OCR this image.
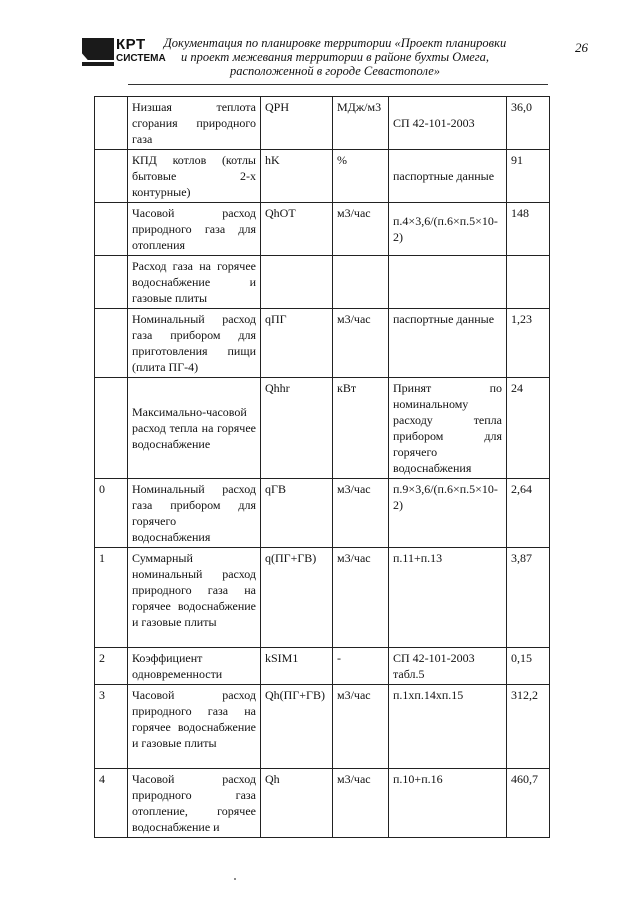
КРТ
СИСТЕМА
Документация по планировке территории «Проект планировки
и проект межевания территории в районе бухты Омега,
расположенной в городе Севастополе»
26
	Низшая теплота сгорания природного газа	QРН	МДж/м3	СП 42-101-2003	36,0
	КПД котлов (котлы бытовые 2-х контурные)	hK	%	паспортные данные	91
	Часовой расход природного газа для отопления	QhОТ	м3/час	п.4×3,6/(п.6×п.5×10-2)	148
	Расход газа на горячее водоснабжение и газовые плиты				
	Номинальный расход газа прибором для приготовления пищи (плита ПГ-4)	qПГ	м3/час	паспортные данные	1,23
	Максимально-часовой расход тепла на горячее водоснабжение	Qhhr	кВт	Принят по номинальному расходу тепла прибором для горячего водоснабжения	24
0	Номинальный расход газа прибором для горячего водоснабжения	qГВ	м3/час	п.9×3,6/(п.6×п.5×10-2)	2,64
1	Суммарный номинальный расход природного газа на горячее водоснабжение и газовые плиты	q(ПГ+ГВ)	м3/час	п.11+п.13	3,87
2	Коэффициент одновременности	kSIM1	-	СП 42-101-2003 табл.5	0,15
3	Часовой расход природного газа на горячее водоснабжение и газовые плиты	Qh(ПГ+ГВ)	м3/час	п.1хп.14хп.15	312,2
4	Часовой расход природного газа отопление, горячее водоснабжение и	Qh	м3/час	п.10+п.16	460,7
